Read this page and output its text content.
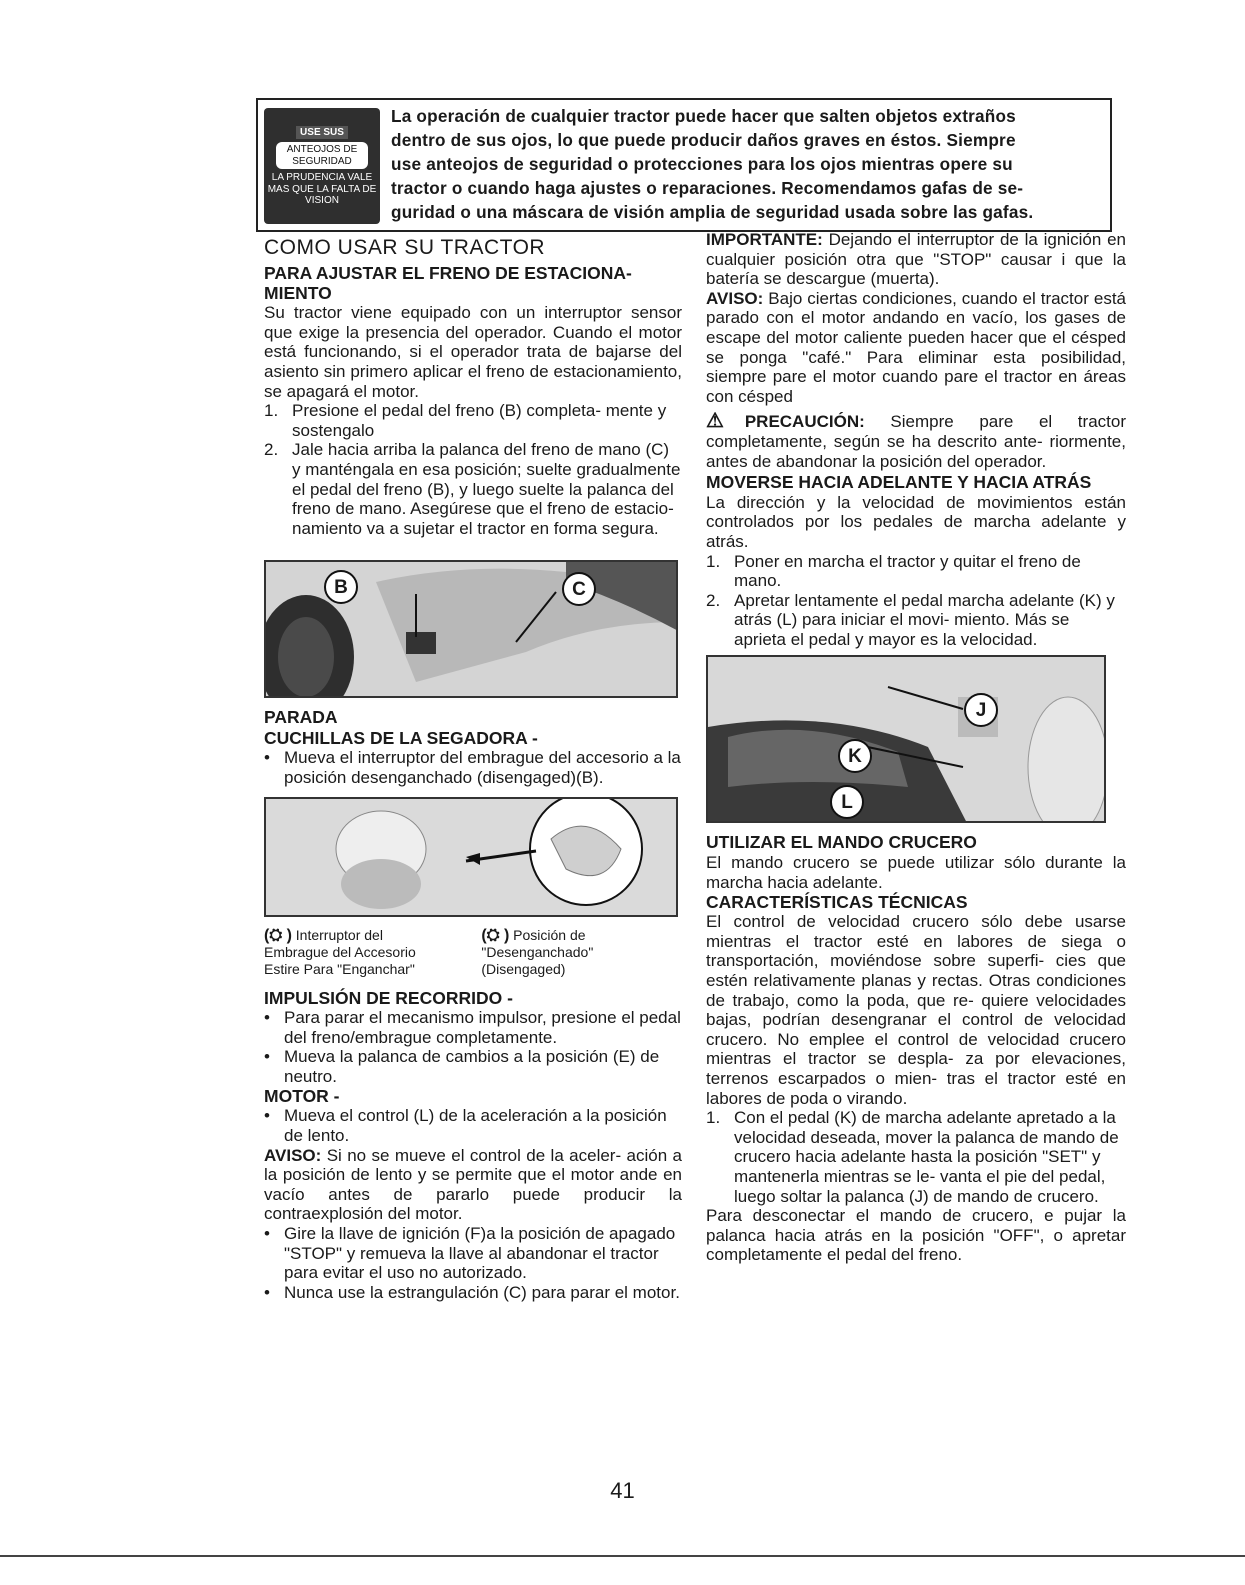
USE SUS
ANTEOJOS DE SEGURIDAD
LA PRUDENCIA VALE MAS QUE LA FALTA DE VISION
La operación de cualquier tractor puede hacer que salten objetos extraños
dentro de sus ojos, lo que puede producir daños graves en éstos. Siempre
use anteojos de seguridad o protecciones para los ojos mientras opere su
tractor o cuando haga ajustes o reparaciones. Recomendamos gafas de se-
guridad o una máscara de visión amplia de seguridad usada sobre las gafas.
COMO USAR SU TRACTOR
PARA AJUSTAR EL FRENO DE ESTACIONA- MIENTO

Su tractor viene equipado con un interruptor sensor que exige la presencia del operador. Cuando el motor está funcionando, si el operador trata de bajarse del asiento sin primero aplicar el freno de estacionamiento, se apagará el motor.

1. Presione el pedal del freno (B) completa- mente y sostengalo
2. Jale hacia arriba la palanca del freno de mano (C) y manténgala en esa posición; suelte gradualmente el pedal del freno (B), y luego suelte la palanca del freno de mano. Asegúrese que el freno de estacio- namiento va a sujetar el tractor en forma segura.
B	C
PARADA
CUCHILLAS DE LA SEGADORA -
• Mueva el interruptor del embrague del accesorio a la posición desenganchado (disengaged)(B).
(⛭ ) Interruptor del
Embrague del Accesorio
Estire Para "Enganchar"
(⛭ ) Posición de
"Desenganchado"
(Disengaged)
IMPULSIÓN DE RECORRIDO -
• Para parar el mecanismo impulsor, presione el pedal del freno/embrague completamente.
• Mueva la palanca de cambios a la posición (E) de neutro.
MOTOR -
• Mueva el control (L) de la aceleración a la posición de lento.

AVISO: Si no se mueve el control de la aceler- ación a la posición de lento y se permite que el motor ande en vacío antes de pararlo puede producir la contraexplosión del motor.

• Gire la llave de ignición (F)a la posición de apagado "STOP" y remueva la llave al abandonar el tractor para evitar el uso no autorizado.
• Nunca use la estrangulación (C) para parar el motor.

IMPORTANTE: Dejando el interruptor de la ignición en cualquier posición otra que "STOP" causar i que la batería se descargue (muerta).

AVISO: Bajo ciertas condiciones, cuando el tractor está parado con el motor andando en vacío, los gases de escape del motor caliente pueden hacer que el césped se ponga "café." Para eliminar esta posibilidad, siempre pare el motor cuando pare el tractor en áreas con césped

⚠PRECAUCIÓN: Siempre pare el tractor completamente, según se ha descrito ante- riormente, antes de abandonar la posición del operador.

MOVERSE HACIA ADELANTE Y HACIA ATRÁS

La dirección y la velocidad de movimientos están controlados por los pedales de marcha adelante y atrás.

1. Poner en marcha el tractor y quitar el freno de mano.
2. Apretar lentamente el pedal marcha adelante (K) y atrás (L) para iniciar el movi- miento. Más se aprieta el pedal y mayor es la velocidad.
J
K
L
UTILIZAR EL MANDO CRUCERO

El mando crucero se puede utilizar sólo durante la marcha hacia adelante.

CARACTERÍSTICAS TÉCNICAS

El control de velocidad crucero sólo debe usarse mientras el tractor esté en labores de siega o transportación, moviéndose sobre superfi- cies que estén relativamente planas y rectas. Otras condiciones de trabajo, como la poda, que re- quiere velocidades bajas, podrían desengranar el control de velocidad crucero. No emplee el control de velocidad crucero mientras el tractor se despla- za por elevaciones, terrenos escarpados o mien- tras el tractor esté en labores de poda o virando.

1. Con el pedal (K) de marcha adelante apretado a la velocidad deseada, mover la palanca de mando de crucero hacia adelante hasta la posición "SET" y mantenerla mientras se le- vanta el pie del pedal, luego soltar la palanca (J) de mando de crucero.

Para desconectar el mando de crucero, e pujar la palanca hacia atrás en la posición "OFF", o apretar completamente el pedal del freno.

41
